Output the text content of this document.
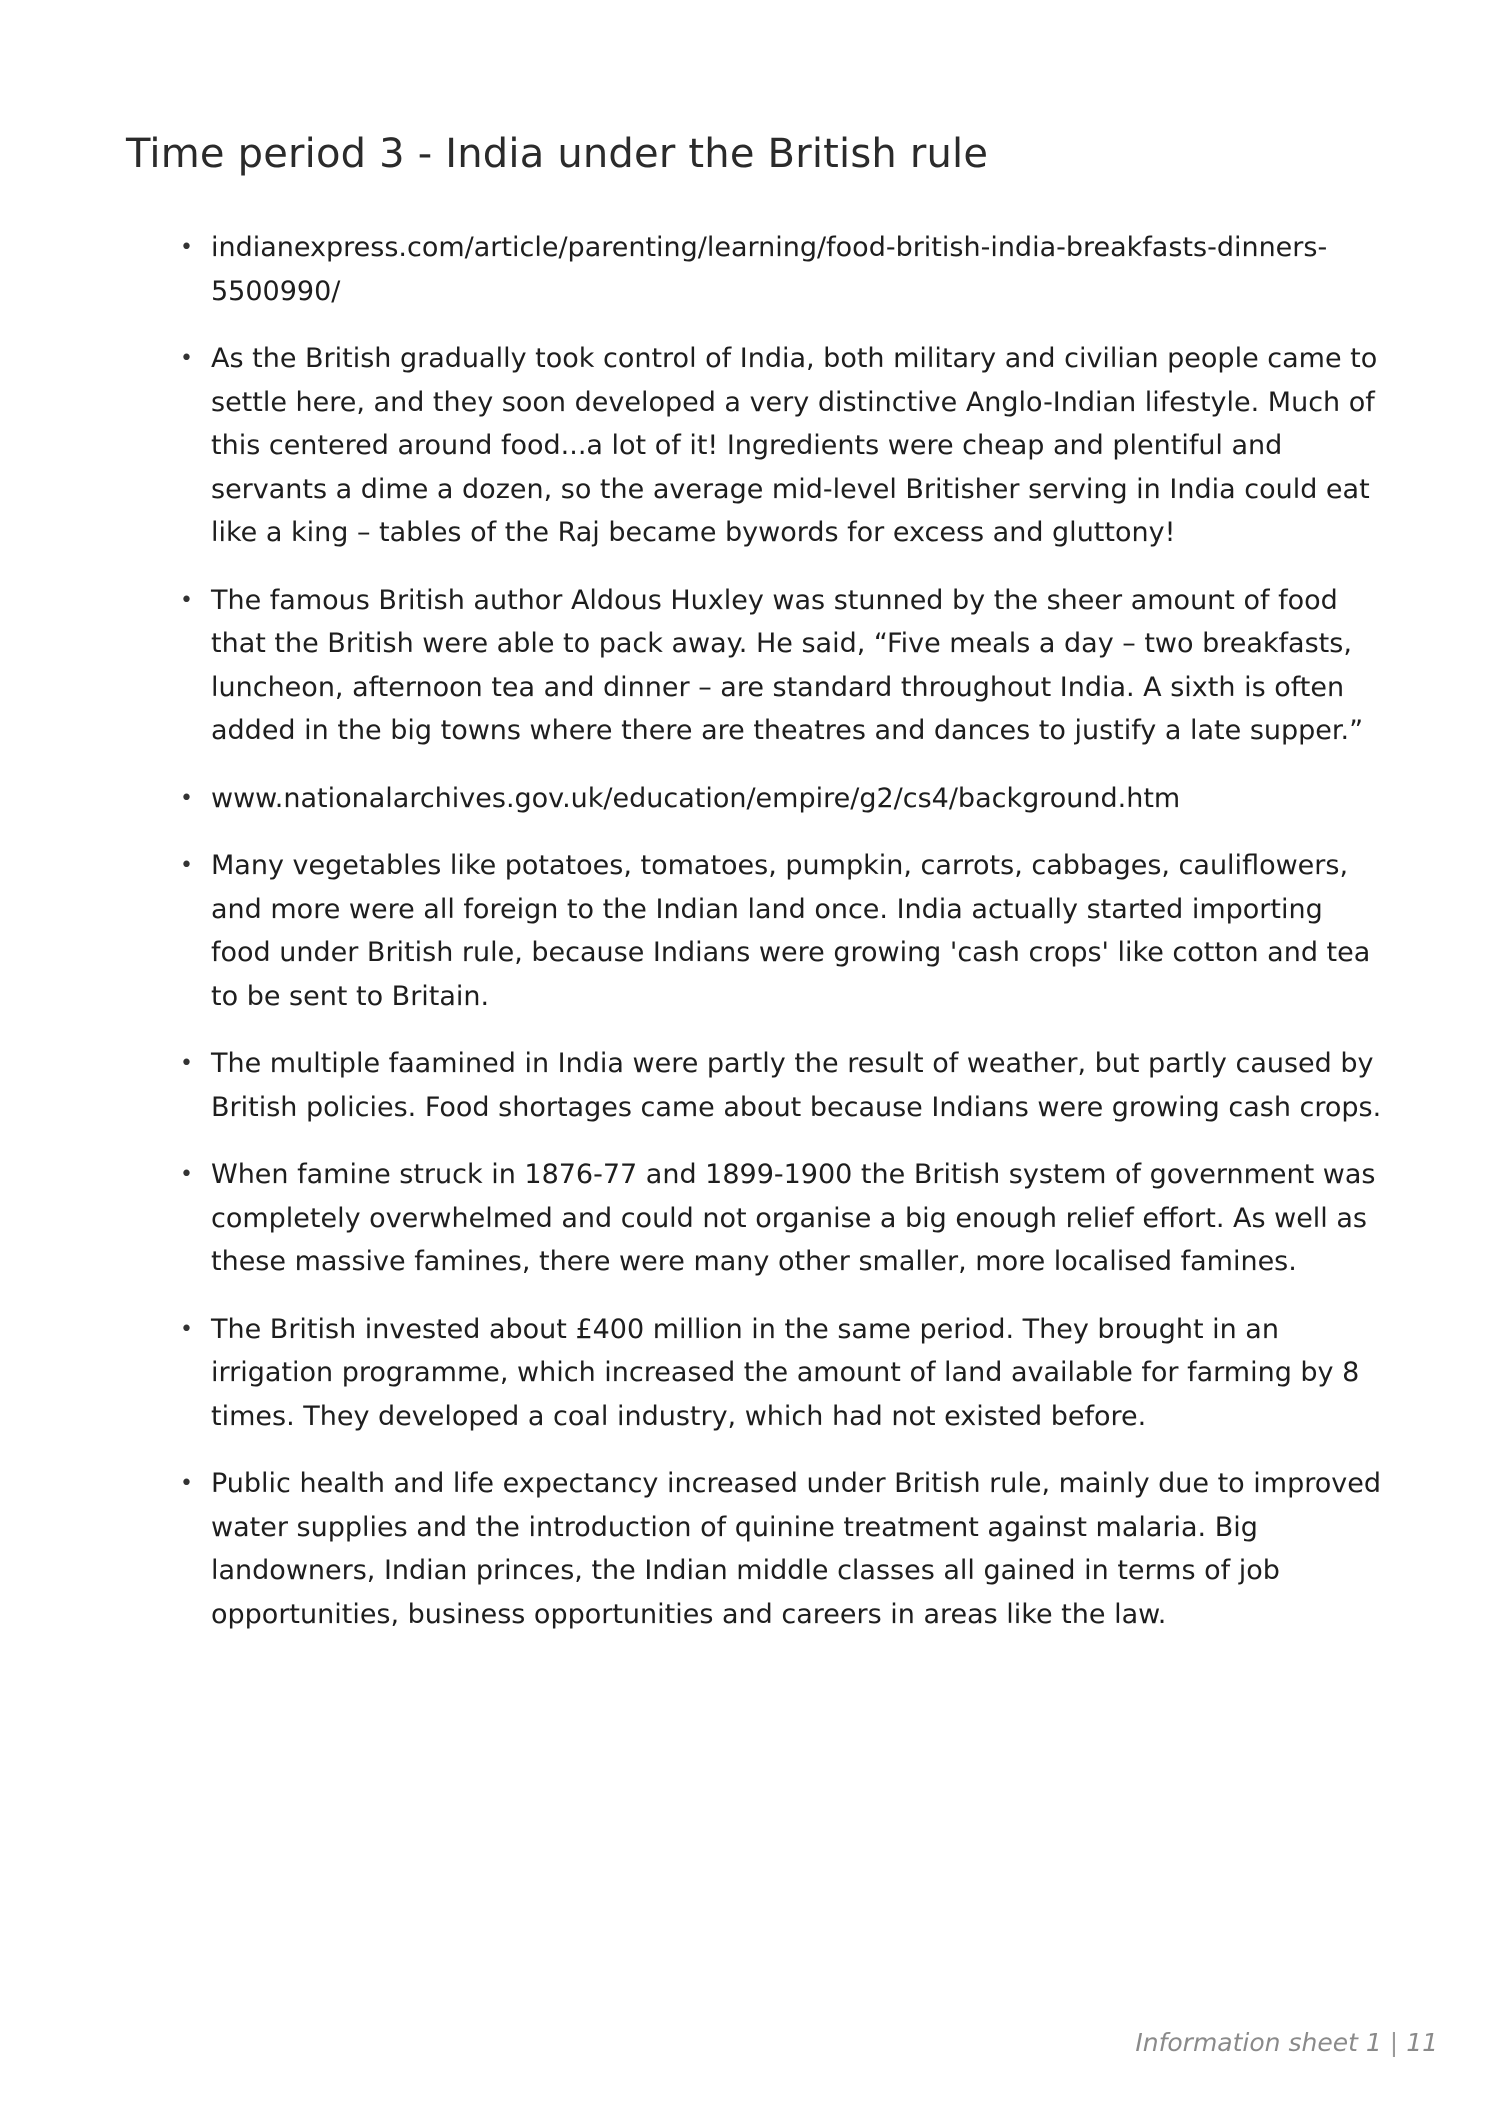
Time period 3 - India under the British rule
• indianexpress.com/article/parenting/learning/food-british-india-breakfasts-dinners-5500990/
• As the British gradually took control of India, both military and civilian people came to settle here, and they soon developed a very distinctive Anglo-Indian lifestyle. Much of this centered around food...a lot of it! Ingredients were cheap and plentiful and servants a dime a dozen, so the average mid-level Britisher serving in India could eat like a king – tables of the Raj became bywords for excess and gluttony!
• The famous British author Aldous Huxley was stunned by the sheer amount of food that the British were able to pack away. He said, “Five meals a day – two breakfasts, luncheon, afternoon tea and dinner – are standard throughout India. A sixth is often added in the big towns where there are theatres and dances to justify a late supper.”
• www.nationalarchives.gov.uk/education/empire/g2/cs4/background.htm
• Many vegetables like potatoes, tomatoes, pumpkin, carrots, cabbages, cauliflowers, and more were all foreign to the Indian land once. India actually started importing food under British rule, because Indians were growing 'cash crops' like cotton and tea to be sent to Britain.
• The multiple faamined in India were partly the result of weather, but partly caused by British policies. Food shortages came about because Indians were growing cash crops.
• When famine struck in 1876-77 and 1899-1900 the British system of government was completely overwhelmed and could not organise a big enough relief effort. As well as these massive famines, there were many other smaller, more localised famines.
• The British invested about £400 million in the same period. They brought in an irrigation programme, which increased the amount of land available for farming by 8 times. They developed a coal industry, which had not existed before.
• Public health and life expectancy increased under British rule, mainly due to improved water supplies and the introduction of quinine treatment against malaria. Big landowners, Indian princes, the Indian middle classes all gained in terms of job opportunities, business opportunities and careers in areas like the law.
Information sheet 1 | 11
